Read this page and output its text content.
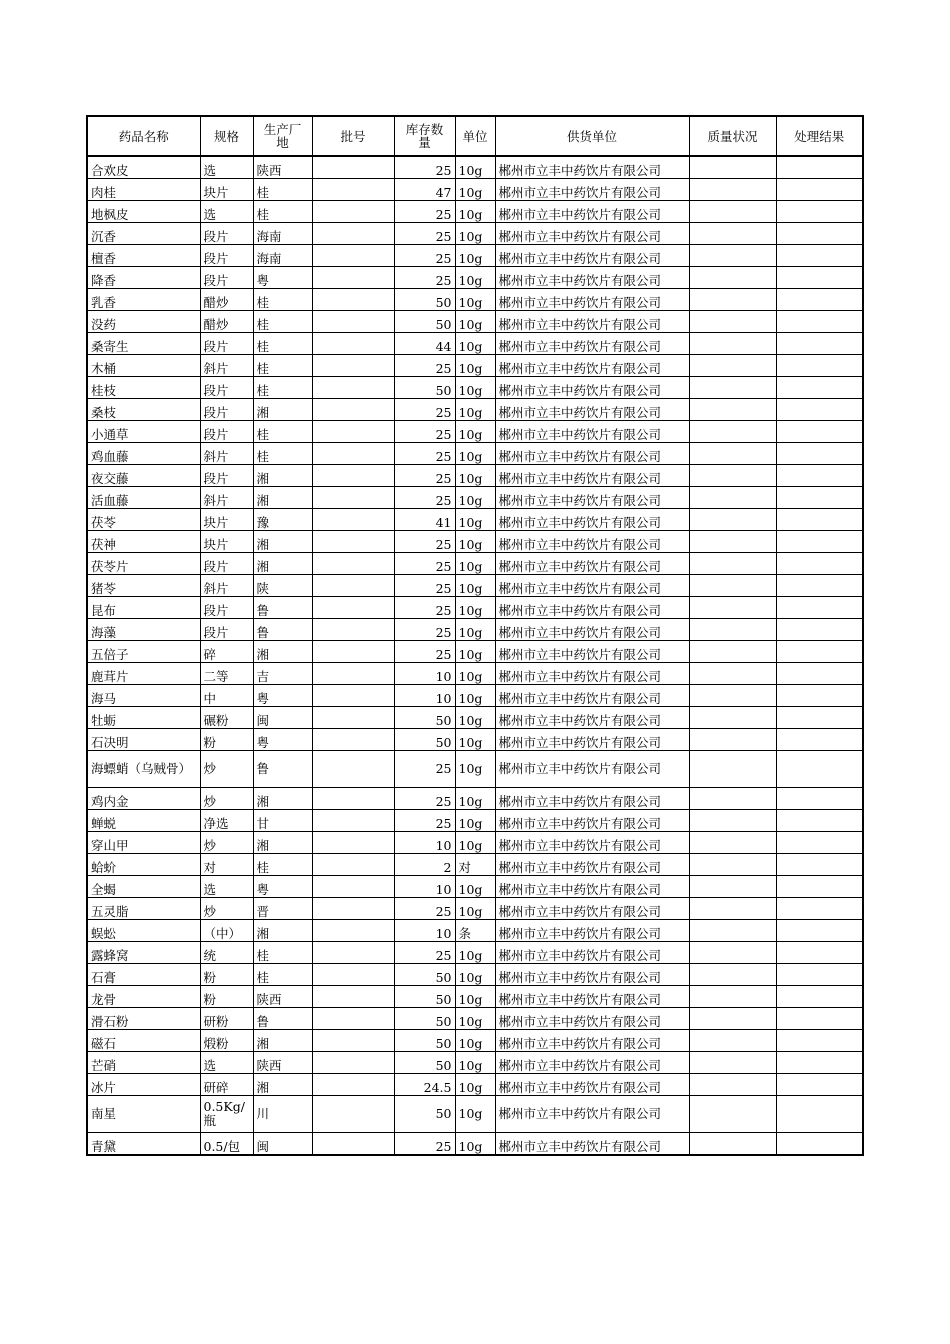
药品名称	规格	生产厂地	批号	库存数量	单位	供货单位	质量状况	处理结果
合欢皮	选	陕西		25	10g	郴州市立丰中药饮片有限公司		
肉桂	块片	桂		47	10g	郴州市立丰中药饮片有限公司		
地枫皮	选	桂		25	10g	郴州市立丰中药饮片有限公司		
沉香	段片	海南		25	10g	郴州市立丰中药饮片有限公司		
檀香	段片	海南		25	10g	郴州市立丰中药饮片有限公司		
降香	段片	粤		25	10g	郴州市立丰中药饮片有限公司		
乳香	醋炒	桂		50	10g	郴州市立丰中药饮片有限公司		
没药	醋炒	桂		50	10g	郴州市立丰中药饮片有限公司		
桑寄生	段片	桂		44	10g	郴州市立丰中药饮片有限公司		
木桶	斜片	桂		25	10g	郴州市立丰中药饮片有限公司		
桂枝	段片	桂		50	10g	郴州市立丰中药饮片有限公司		
桑枝	段片	湘		25	10g	郴州市立丰中药饮片有限公司		
小通草	段片	桂		25	10g	郴州市立丰中药饮片有限公司		
鸡血藤	斜片	桂		25	10g	郴州市立丰中药饮片有限公司		
夜交藤	段片	湘		25	10g	郴州市立丰中药饮片有限公司		
活血藤	斜片	湘		25	10g	郴州市立丰中药饮片有限公司		
茯苓	块片	豫		41	10g	郴州市立丰中药饮片有限公司		
茯神	块片	湘		25	10g	郴州市立丰中药饮片有限公司		
茯苓片	段片	湘		25	10g	郴州市立丰中药饮片有限公司		
猪苓	斜片	陕		25	10g	郴州市立丰中药饮片有限公司		
昆布	段片	鲁		25	10g	郴州市立丰中药饮片有限公司		
海藻	段片	鲁		25	10g	郴州市立丰中药饮片有限公司		
五倍子	碎	湘		25	10g	郴州市立丰中药饮片有限公司		
鹿茸片	二等	吉		10	10g	郴州市立丰中药饮片有限公司		
海马	中	粤		10	10g	郴州市立丰中药饮片有限公司		
牡蛎	碾粉	闽		50	10g	郴州市立丰中药饮片有限公司		
石决明	粉	粤		50	10g	郴州市立丰中药饮片有限公司		
海螵蛸（乌贼骨）	炒	鲁		25	10g	郴州市立丰中药饮片有限公司		
鸡内金	炒	湘		25	10g	郴州市立丰中药饮片有限公司		
蝉蜕	净选	甘		25	10g	郴州市立丰中药饮片有限公司		
穿山甲	炒	湘		10	10g	郴州市立丰中药饮片有限公司		
蛤蚧	对	桂		2	对	郴州市立丰中药饮片有限公司		
全蝎	选	粤		10	10g	郴州市立丰中药饮片有限公司		
五灵脂	炒	晋		25	10g	郴州市立丰中药饮片有限公司		
蜈蚣	（中）	湘		10	条	郴州市立丰中药饮片有限公司		
露蜂窝	统	桂		25	10g	郴州市立丰中药饮片有限公司		
石膏	粉	桂		50	10g	郴州市立丰中药饮片有限公司		
龙骨	粉	陕西		50	10g	郴州市立丰中药饮片有限公司		
滑石粉	研粉	鲁		50	10g	郴州市立丰中药饮片有限公司		
磁石	煅粉	湘		50	10g	郴州市立丰中药饮片有限公司		
芒硝	选	陕西		50	10g	郴州市立丰中药饮片有限公司		
冰片	研碎	湘		24.5	10g	郴州市立丰中药饮片有限公司		
南星	0.5Kg/瓶	川		50	10g	郴州市立丰中药饮片有限公司		
青黛	0.5/包	闽		25	10g	郴州市立丰中药饮片有限公司		
